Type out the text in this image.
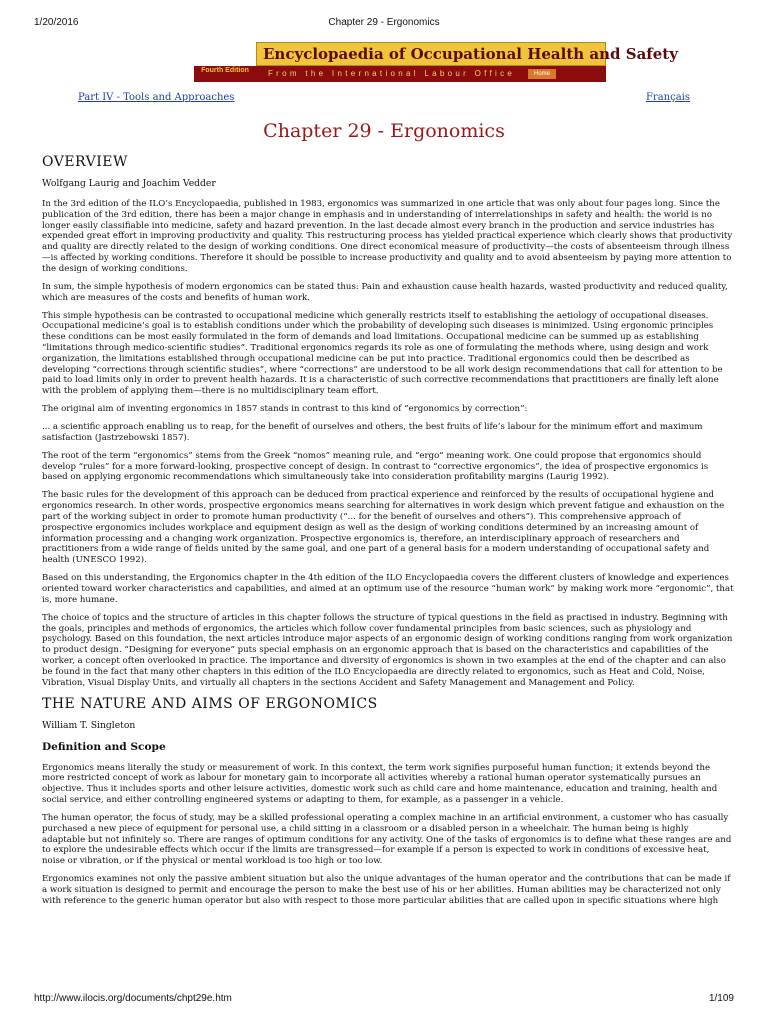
1/20/2016	Chapter 29 - Ergonomics
Encyclopaedia of Occupational Health and Safety
Fourth Edition	From the International Labour Office	Home
Part IV - Tools and Approaches	Français
Chapter 29 - Ergonomics
OVERVIEW

Wolfgang Laurig and Joachim Vedder

In the 3rd edition of the ILO’s Encyclopaedia, published in 1983, ergonomics was summarized in one article that was only about four pages long. Since the publication of the 3rd edition, there has been a major change in emphasis and in understanding of interrelationships in safety and health: the world is no longer easily classifiable into medicine, safety and hazard prevention. In the last decade almost every branch in the production and service industries has expended great effort in improving productivity and quality. This restructuring process has yielded practical experience which clearly shows that productivity and quality are directly related to the design of working conditions. One direct economical measure of productivity—the costs of absenteeism through illness—is affected by working conditions. Therefore it should be possible to increase productivity and quality and to avoid absenteeism by paying more attention to the design of working conditions.

In sum, the simple hypothesis of modern ergonomics can be stated thus: Pain and exhaustion cause health hazards, wasted productivity and reduced quality, which are measures of the costs and benefits of human work.

This simple hypothesis can be contrasted to occupational medicine which generally restricts itself to establishing the aetiology of occupational diseases. Occupational medicine’s goal is to establish conditions under which the probability of developing such diseases is minimized. Using ergonomic principles these conditions can be most easily formulated in the form of demands and load limitations. Occupational medicine can be summed up as establishing “limitations through medico-scientific studies”. Traditional ergonomics regards its role as one of formulating the methods where, using design and work organization, the limitations established through occupational medicine can be put into practice. Traditional ergonomics could then be described as developing “corrections through scientific studies”, where “corrections” are understood to be all work design recommendations that call for attention to be paid to load limits only in order to prevent health hazards. It is a characteristic of such corrective recommendations that practitioners are finally left alone with the problem of applying them—there is no multidisciplinary team effort.

The original aim of inventing ergonomics in 1857 stands in contrast to this kind of “ergonomics by correction”:

... a scientific approach enabling us to reap, for the benefit of ourselves and others, the best fruits of life’s labour for the minimum effort and maximum satisfaction (Jastrzebowski 1857).

The root of the term “ergonomics” stems from the Greek “nomos” meaning rule, and “ergo” meaning work. One could propose that ergonomics should develop “rules” for a more forward-looking, prospective concept of design. In contrast to “corrective ergonomics”, the idea of prospective ergonomics is based on applying ergonomic recommendations which simultaneously take into consideration profitability margins (Laurig 1992).

The basic rules for the development of this approach can be deduced from practical experience and reinforced by the results of occupational hygiene and ergonomics research. In other words, prospective ergonomics means searching for alternatives in work design which prevent fatigue and exhaustion on the part of the working subject in order to promote human productivity (“... for the benefit of ourselves and others”). This comprehensive approach of prospective ergonomics includes workplace and equipment design as well as the design of working conditions determined by an increasing amount of information processing and a changing work organization. Prospective ergonomics is, therefore, an interdisciplinary approach of researchers and practitioners from a wide range of fields united by the same goal, and one part of a general basis for a modern understanding of occupational safety and health (UNESCO 1992).

Based on this understanding, the Ergonomics chapter in the 4th edition of the ILO Encyclopaedia covers the different clusters of knowledge and experiences oriented toward worker characteristics and capabilities, and aimed at an optimum use of the resource “human work” by making work more “ergonomic”, that is, more humane.

The choice of topics and the structure of articles in this chapter follows the structure of typical questions in the field as practised in industry. Beginning with the goals, principles and methods of ergonomics, the articles which follow cover fundamental principles from basic sciences, such as physiology and psychology. Based on this foundation, the next articles introduce major aspects of an ergonomic design of working conditions ranging from work organization to product design. “Designing for everyone” puts special emphasis on an ergonomic approach that is based on the characteristics and capabilities of the worker, a concept often overlooked in practice. The importance and diversity of ergonomics is shown in two examples at the end of the chapter and can also be found in the fact that many other chapters in this edition of the ILO Encyclopaedia are directly related to ergonomics, such as Heat and Cold, Noise, Vibration, Visual Display Units, and virtually all chapters in the sections Accident and Safety Management and Management and Policy.

THE NATURE AND AIMS OF ERGONOMICS

William T. Singleton

Definition and Scope

Ergonomics means literally the study or measurement of work. In this context, the term work signifies purposeful human function; it extends beyond the more restricted concept of work as labour for monetary gain to incorporate all activities whereby a rational human operator systematically pursues an objective. Thus it includes sports and other leisure activities, domestic work such as child care and home maintenance, education and training, health and social service, and either controlling engineered systems or adapting to them, for example, as a passenger in a vehicle.

The human operator, the focus of study, may be a skilled professional operating a complex machine in an artificial environment, a customer who has casually purchased a new piece of equipment for personal use, a child sitting in a classroom or a disabled person in a wheelchair. The human being is highly adaptable but not infinitely so. There are ranges of optimum conditions for any activity. One of the tasks of ergonomics is to define what these ranges are and to explore the undesirable effects which occur if the limits are transgressed—for example if a person is expected to work in conditions of excessive heat, noise or vibration, or if the physical or mental workload is too high or too low.

Ergonomics examines not only the passive ambient situation but also the unique advantages of the human operator and the contributions that can be made if a work situation is designed to permit and encourage the person to make the best use of his or her abilities. Human abilities may be characterized not only with reference to the generic human operator but also with respect to those more particular abilities that are called upon in specific situations where high

http://www.ilocis.org/documents/chpt29e.htm	1/109
